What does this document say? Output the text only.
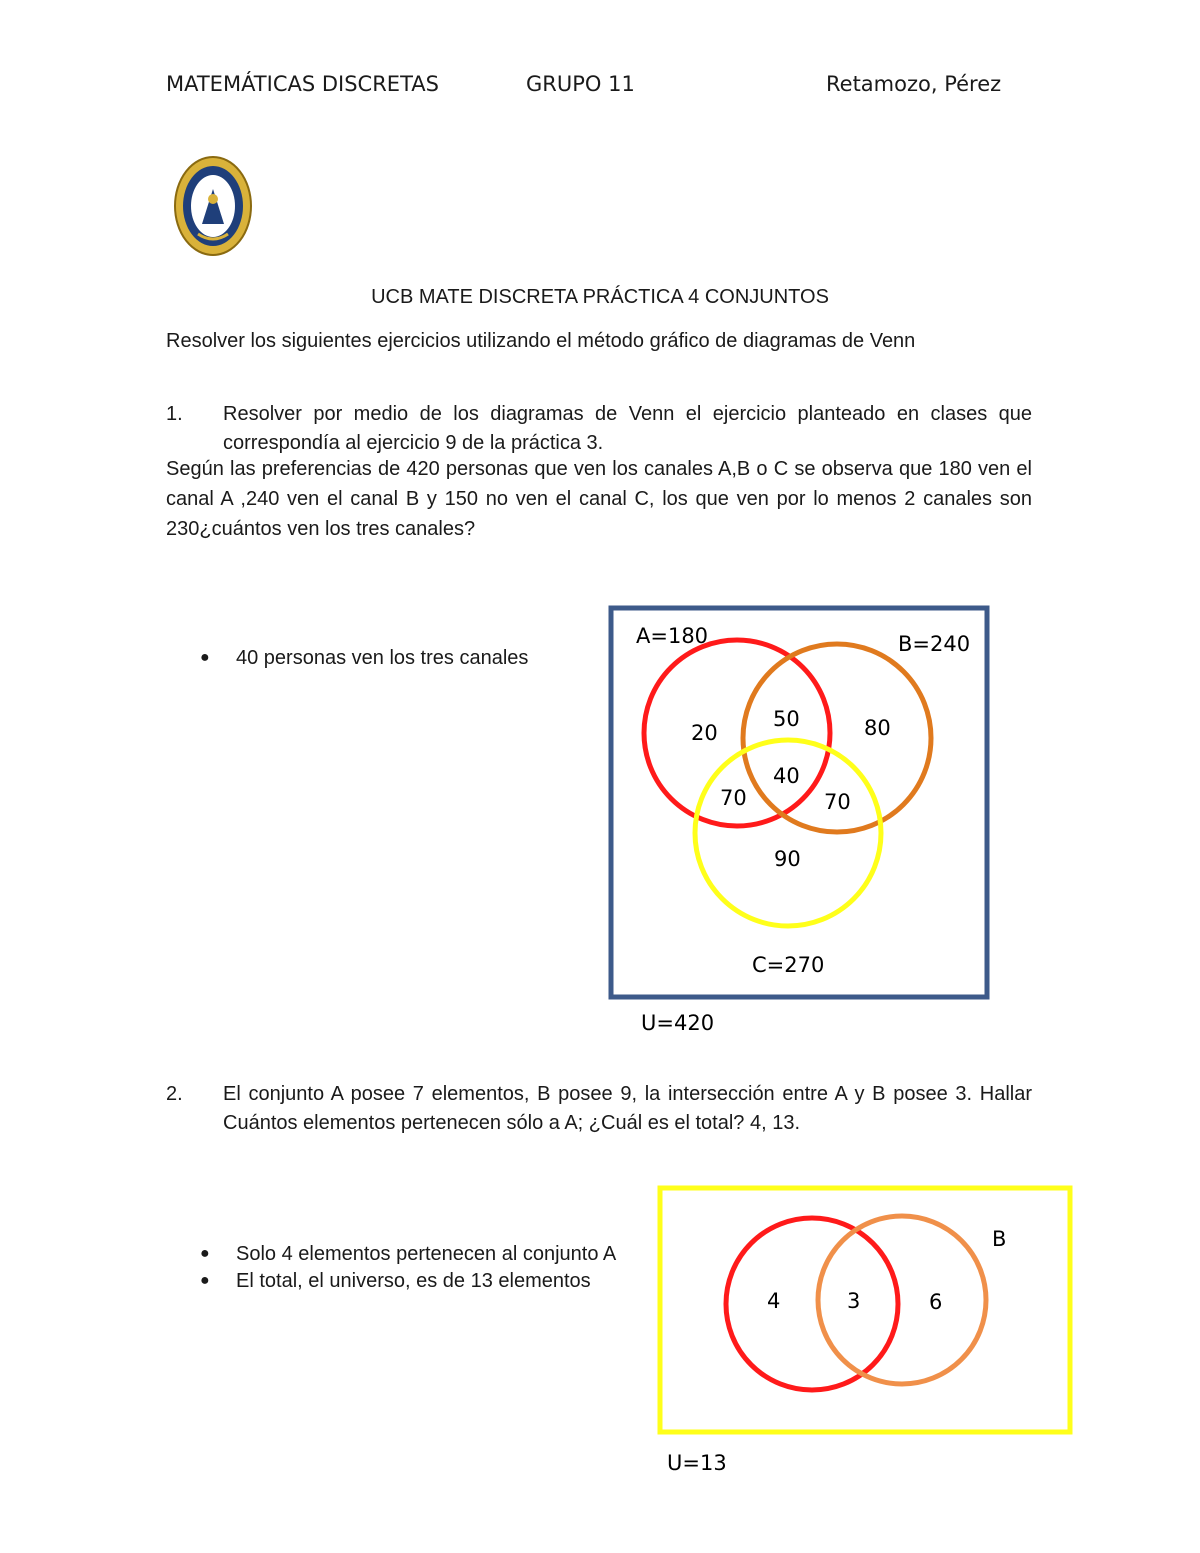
MATEMÁTICAS DISCRETAS	GRUPO 11	Retamozo, Pérez
UCB MATE DISCRETA PRÁCTICA 4 CONJUNTOS
Resolver los siguientes ejercicios utilizando el método gráfico de diagramas de Venn
1. Resolver por medio de los diagramas de Venn el ejercicio planteado en clases que correspondía al ejercicio 9 de la práctica 3.
Según las preferencias de 420 personas que ven los canales A,B o C se observa que 180 ven el canal A ,240 ven el canal B y 150 no ven el canal C, los que ven por lo menos 2 canales son 230¿cuántos ven los tres canales?
● 40 personas ven los tres canales
A=180	B=240
20
50	80
40
70	70
90
C=270
U=420
2. El conjunto A posee 7 elementos, B posee 9, la intersección entre A y B posee 3. Hallar Cuántos elementos pertenecen sólo a A; ¿Cuál es el total? 4, 13.
● Solo 4 elementos pertenecen al conjunto A
● El total, el universo, es de 13 elementos
B
4	3	6
U=13
